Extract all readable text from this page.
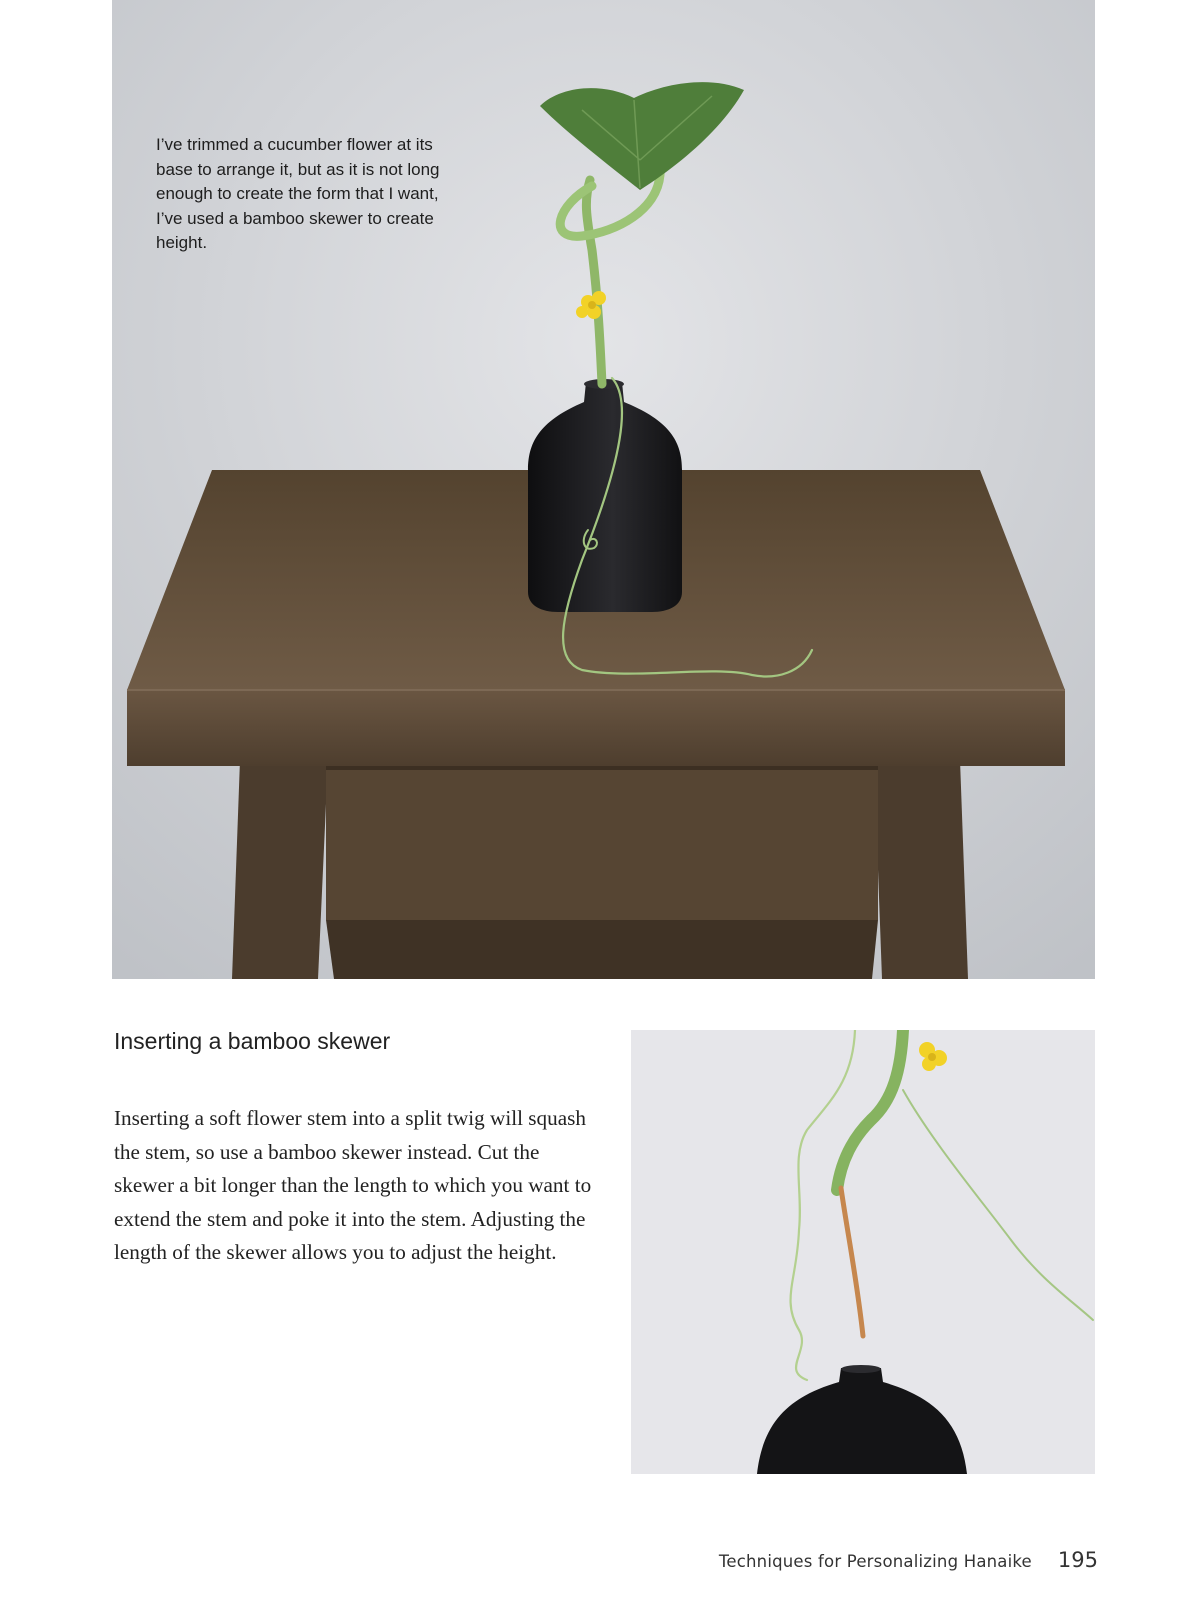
I’ve trimmed a cucumber flower at its base to arrange it, but as it is not long enough to create the form that I want, I’ve used a bamboo skewer to create height.
Inserting a bamboo skewer

Inserting a soft flower stem into a split twig will squash the stem, so use a bamboo skewer instead. Cut the skewer a bit longer than the length to which you want to extend the stem and poke it into the stem. Adjusting the length of the skewer allows you to adjust the height.

Techniques for Personalizing Hanaike 195
